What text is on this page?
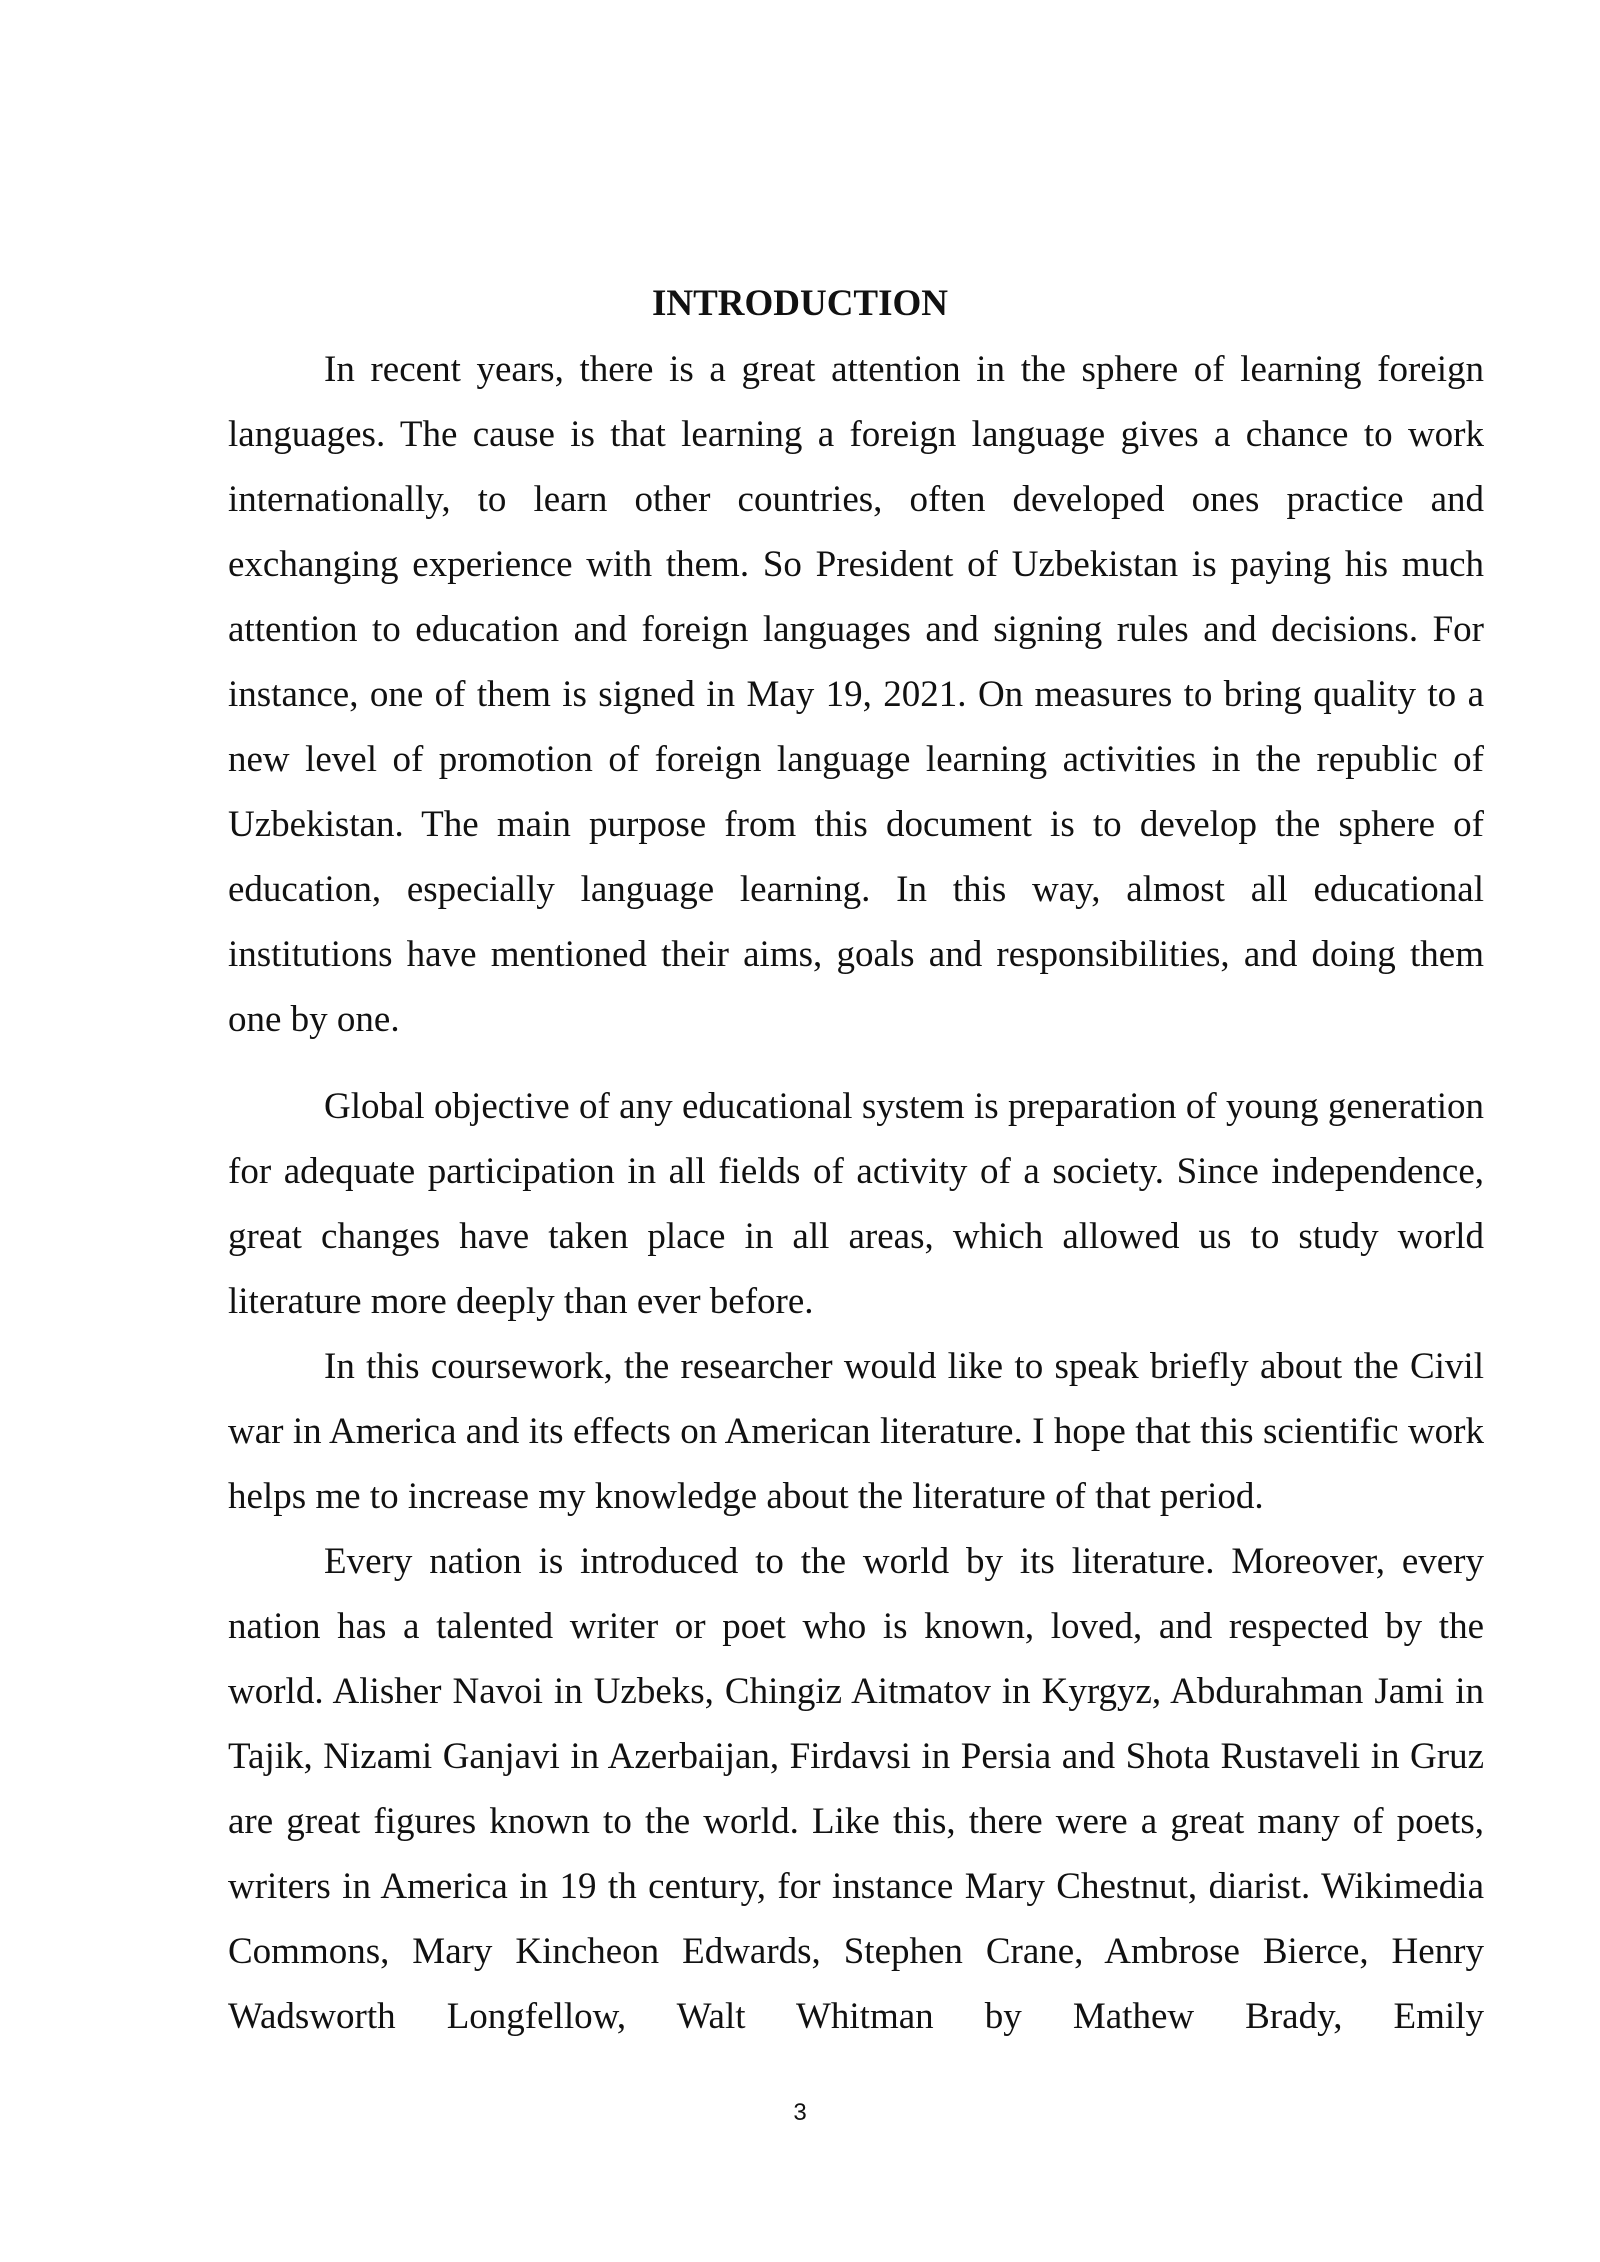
INTRODUCTION

In recent years, there is a great attention in the sphere of learning foreign languages. The cause is that learning a foreign language gives a chance to work internationally, to learn other countries, often developed ones practice and exchanging experience with them. So President of Uzbekistan is paying his much attention to education and foreign languages and signing rules and decisions. For instance, one of them is signed in May 19, 2021. On measures to bring quality to a new level of promotion of foreign language learning activities in the republic of Uzbekistan. The main purpose from this document is to develop the sphere of education, especially language learning. In this way, almost all educational institutions have mentioned their aims, goals and responsibilities, and doing them one by one.

Global objective of any educational system is preparation of young generation for adequate participation in all fields of activity of a society. Since independence, great changes have taken place in all areas, which allowed us to study world literature more deeply than ever before.

In this coursework, the researcher would like to speak briefly about the Civil war in America and its effects on American literature. I hope that this scientific work helps me to increase my knowledge about the literature of that period.

Every nation is introduced to the world by its literature. Moreover, every nation has a talented writer or poet who is known, loved, and respected by the world. Alisher Navoi in Uzbeks, Chingiz Aitmatov in Kyrgyz, Abdurahman Jami in Tajik, Nizami Ganjavi in Azerbaijan, Firdavsi in Persia and Shota Rustaveli in Gruz are great figures known to the world. Like this, there were a great many of poets, writers in America in 19 th century, for instance Mary Chestnut, diarist. Wikimedia Commons, Mary Kincheon Edwards, Stephen Crane, Ambrose Bierce, Henry Wadsworth Longfellow, Walt Whitman by Mathew Brady, Emily

3
